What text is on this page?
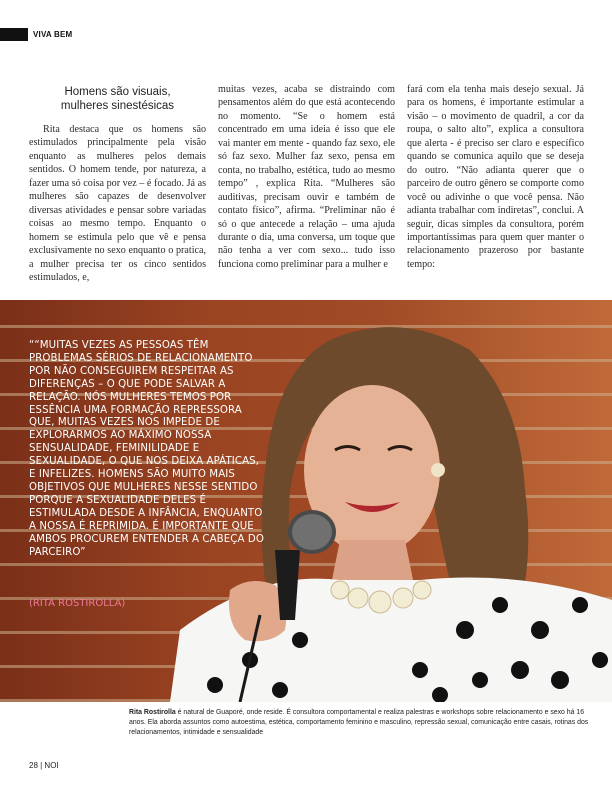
VIVA BEM
Homens são visuais,
mulheres sinestésicas

Rita destaca que os homens são estimulados principalmente pela visão enquanto as mulheres pelos demais sentidos. O homem tende, por natureza, a fazer uma só coisa por vez – é focado. Já as mulheres são capazes de desenvolver diversas atividades e pensar sobre variadas coisas ao mesmo tempo. Enquanto o homem se estimula pelo que vê e pensa exclusivamente no sexo enquanto o pratica, a mulher precisa ter os cinco sentidos estimulados, e,

muitas vezes, acaba se distraindo com pensamentos além do que está acontecendo no momento. “Se o homem está concentrado em uma ideia é isso que ele vai manter em mente - quando faz sexo, ele só faz sexo. Mulher faz sexo, pensa em conta, no trabalho, estética, tudo ao mesmo tempo” , explica Rita. “Mulheres são auditivas, precisam ouvir e também de contato físico”, afirma. “Preliminar não é só o que antecede a relação – uma ajuda durante o dia, uma conversa, um toque que não tenha a ver com sexo... tudo isso funciona como preliminar para a mulher e

fará com ela tenha mais desejo sexual. Já para os homens, é importante estimular a visão – o movimento de quadril, a cor da roupa, o salto alto”, explica a consultora que alerta - é preciso ser claro e específico quando se comunica aquilo que se deseja do outro. “Não adianta querer que o parceiro de outro gênero se comporte como você ou adivinhe o que você pensa. Não adianta trabalhar com indiretas”, conclui. A seguir, dicas simples da consultora, porém importantíssimas para quem quer manter o relacionamento prazeroso por bastante tempo:

““MUITAS VEZES AS PESSOAS TÊM PROBLEMAS SÉRIOS DE RELACIONAMENTO POR NÃO CONSEGUIREM RESPEITAR AS DIFERENÇAS – O QUE PODE SALVAR A RELAÇÃO. NÓS MULHERES TEMOS POR ESSÊNCIA UMA FORMAÇÃO REPRESSORA QUE, MUITAS VEZES NOS IMPEDE DE EXPLORARMOS AO MÁXIMO NOSSA SENSUALIDADE, FEMINILIDADE E SEXUALIDADE, O QUE NOS DEIXA APÁTICAS, E INFELIZES. HOMENS SÃO MUITO MAIS OBJETIVOS QUE MULHERES NESSE SENTIDO PORQUE A SEXUALIDADE DELES É ESTIMULADA DESDE A INFÂNCIA, ENQUANTO A NOSSA É REPRIMIDA. É IMPORTANTE QUE AMBOS PROCUREM ENTENDER A CABEÇA DO PARCEIRO”
(RITA ROSTIROLLA)
Rita Rostirolla é natural de Guaporé, onde reside. É consultora comportamental e realiza palestras e workshops sobre relacionamento e sexo há 16 anos. Ela aborda assuntos como autoestima, estética, comportamento feminino e masculino, repressão sexual, comunicação entre casais, rotinas dos relacionamentos, intimidade e sensualidade
28 | NOI
